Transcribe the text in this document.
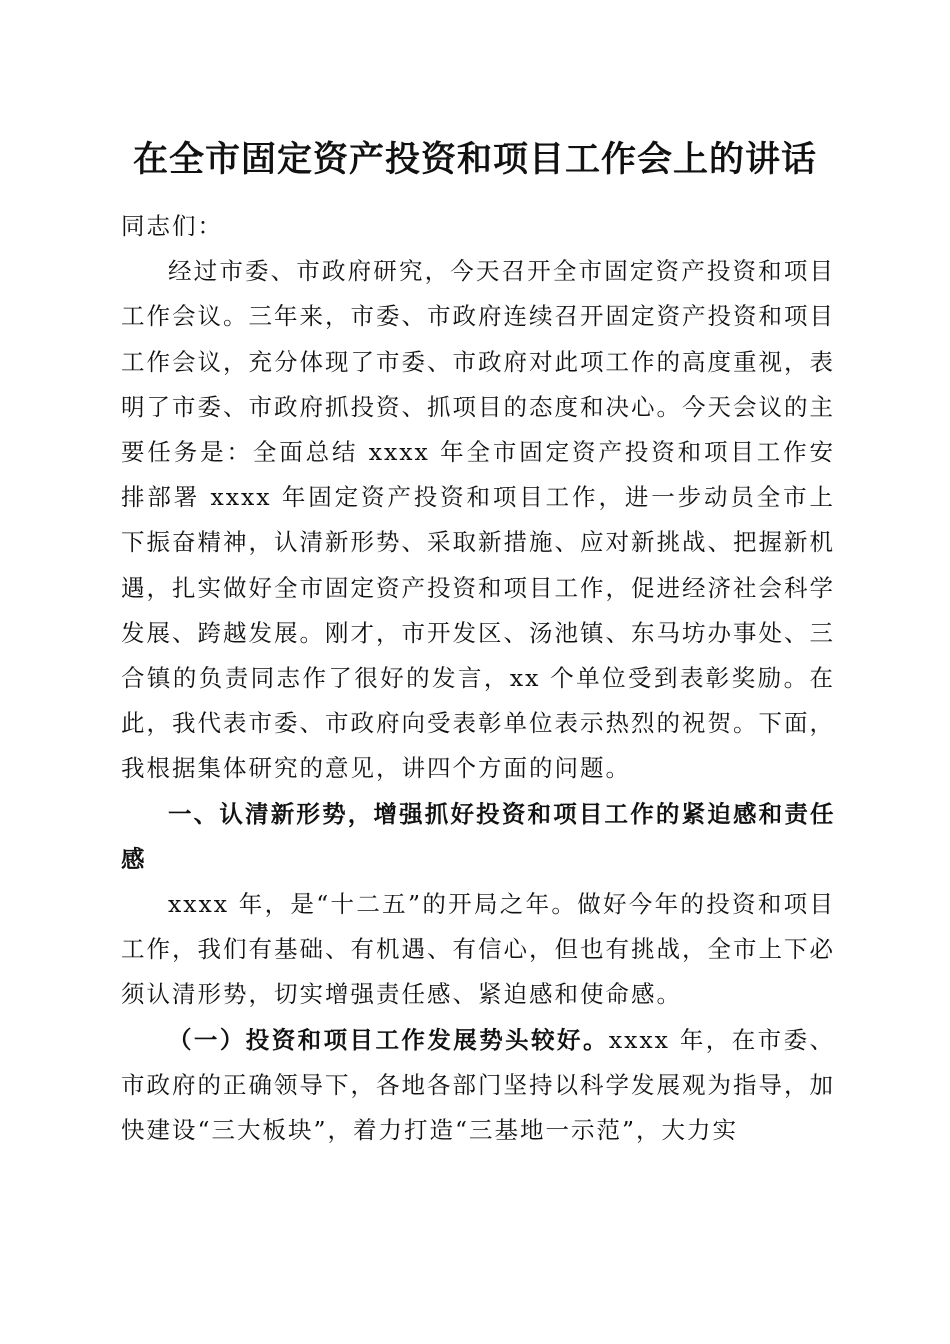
在全市固定资产投资和项目工作会上的讲话

同志们：

经过市委、市政府研究，今天召开全市固定资产投资和项目工作会议。三年来，市委、市政府连续召开固定资产投资和项目工作会议，充分体现了市委、市政府对此项工作的高度重视，表明了市委、市政府抓投资、抓项目的态度和决心。今天会议的主要任务是：全面总结 xxxx 年全市固定资产投资和项目工作安排部署 xxxx 年固定资产投资和项目工作，进一步动员全市上下振奋精神，认清新形势、采取新措施、应对新挑战、把握新机遇，扎实做好全市固定资产投资和项目工作，促进经济社会科学发展、跨越发展。刚才，市开发区、汤池镇、东马坊办事处、三合镇的负责同志作了很好的发言，xx 个单位受到表彰奖励。在此，我代表市委、市政府向受表彰单位表示热烈的祝贺。下面，我根据集体研究的意见，讲四个方面的问题。

一、认清新形势，增强抓好投资和项目工作的紧迫感和责任感

xxxx 年，是“十二五”的开局之年。做好今年的投资和项目工作，我们有基础、有机遇、有信心，但也有挑战，全市上下必须认清形势，切实增强责任感、紧迫感和使命感。

（一）投资和项目工作发展势头较好。xxxx 年，在市委、市政府的正确领导下，各地各部门坚持以科学发展观为指导，加快建设“三大板块”，着力打造“三基地一示范”，大力实
